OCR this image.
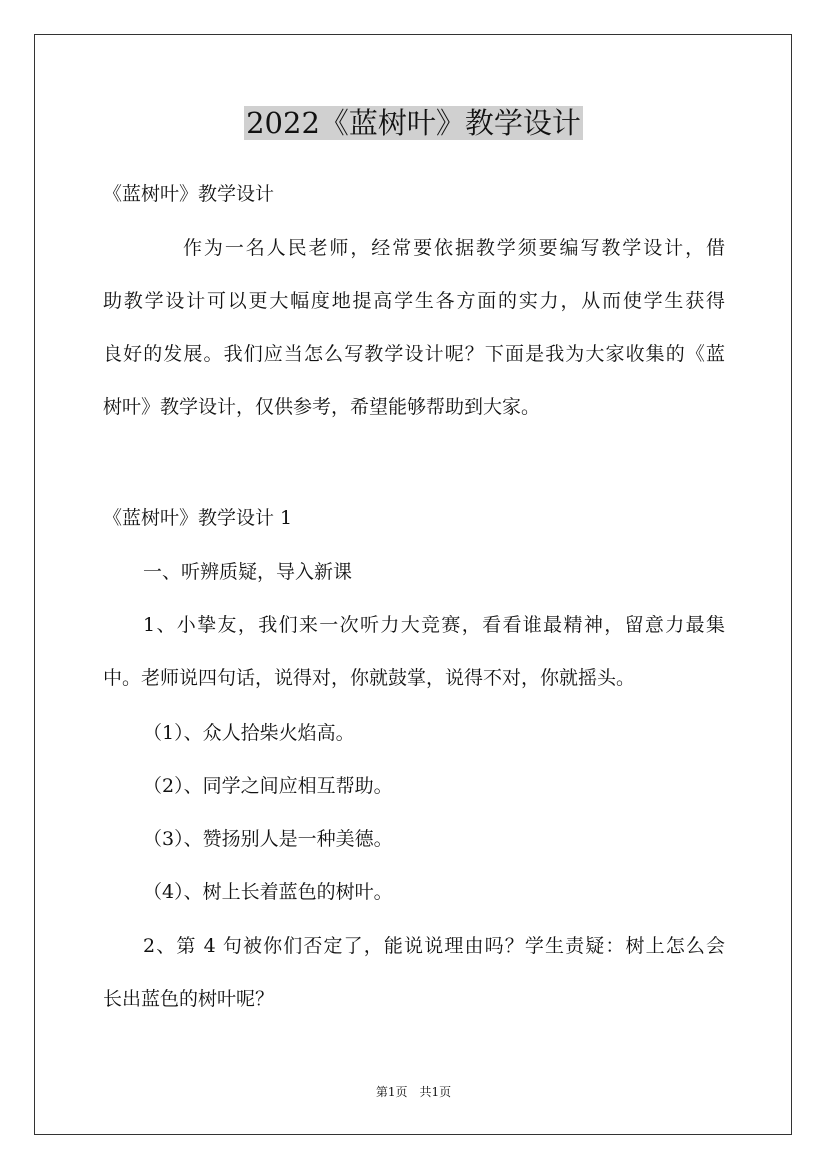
2022《蓝树叶》教学设计
《蓝树叶》教学设计
作为一名人民老师，经常要依据教学须要编写教学设计，借
助教学设计可以更大幅度地提高学生各方面的实力，从而使学生获得
良好的发展。我们应当怎么写教学设计呢？下面是我为大家收集的《蓝
树叶》教学设计，仅供参考，希望能够帮助到大家。
《蓝树叶》教学设计 1
一、听辨质疑，导入新课
1、小挚友，我们来一次听力大竞赛，看看谁最精神，留意力最集
中。老师说四句话，说得对，你就鼓掌，说得不对，你就摇头。
（1）、众人拾柴火焰高。
（2）、同学之间应相互帮助。
（3）、赞扬别人是一种美德。
（4）、树上长着蓝色的树叶。
2、第 4 句被你们否定了，能说说理由吗？学生责疑：树上怎么会
长出蓝色的树叶呢？
第1页　共1页
